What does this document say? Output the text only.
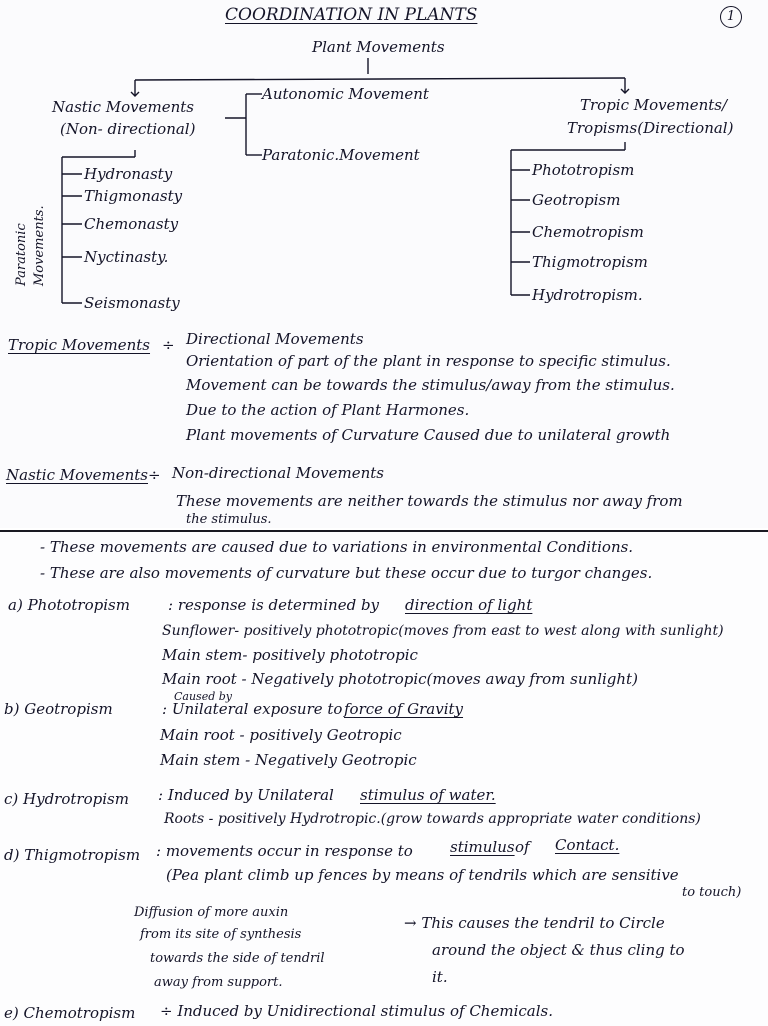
COORDINATION IN PLANTS	1
Plant Movements
Nastic Movements
(Non- directional)
Tropic Movements/
Tropisms(Directional)
Autonomic Movement
Paratonic.Movement
Paratonic Movements.
Hydronasty
Thigmonasty
Chemonasty
Nyctinasty.
Seismonasty
Phototropism
Geotropism
Chemotropism
Thigmotropism
Hydrotropism.
Tropic Movements ÷ Directional Movements
Orientation of part of the plant in response to specific stimulus.
Movement can be towards the stimulus/away from the stimulus.
Due to the action of Plant Harmones.
Plant movements of Curvature Caused due to unilateral growth
Nastic Movements ÷ Non-directional Movements
These movements are neither towards the stimulus nor away from
the stimulus.
- These movements are caused due to variations in environmental Conditions.
- These are also movements of curvature but these occur due to turgor changes.
a) Phototropism	: response is determined by direction of light
Sunflower- positively phototropic(moves from east to west along with sunlight)
Main stem- positively phototropic
Main root - Negatively phototropic(moves away from sunlight)
Caused by
b) Geotropism	: Unilateral exposure to force of Gravity
Main root - positively Geotropic
Main stem - Negatively Geotropic
c) Hydrotropism : Induced by Unilateral stimulus of water.
Roots - positively Hydrotropic.(grow towards appropriate water conditions)
d) Thigmotropism : movements occur in response to stimulus of Contact.
(Pea plant climb up fences by means of tendrils which are sensitive
to touch)
Diffusion of more auxin
from its site of synthesis
towards the side of tendril
away from support.
→ This causes the tendril to Circle
around the object & thus cling to
it.
e) Chemotropism ÷ Induced by Unidirectional stimulus of Chemicals.
